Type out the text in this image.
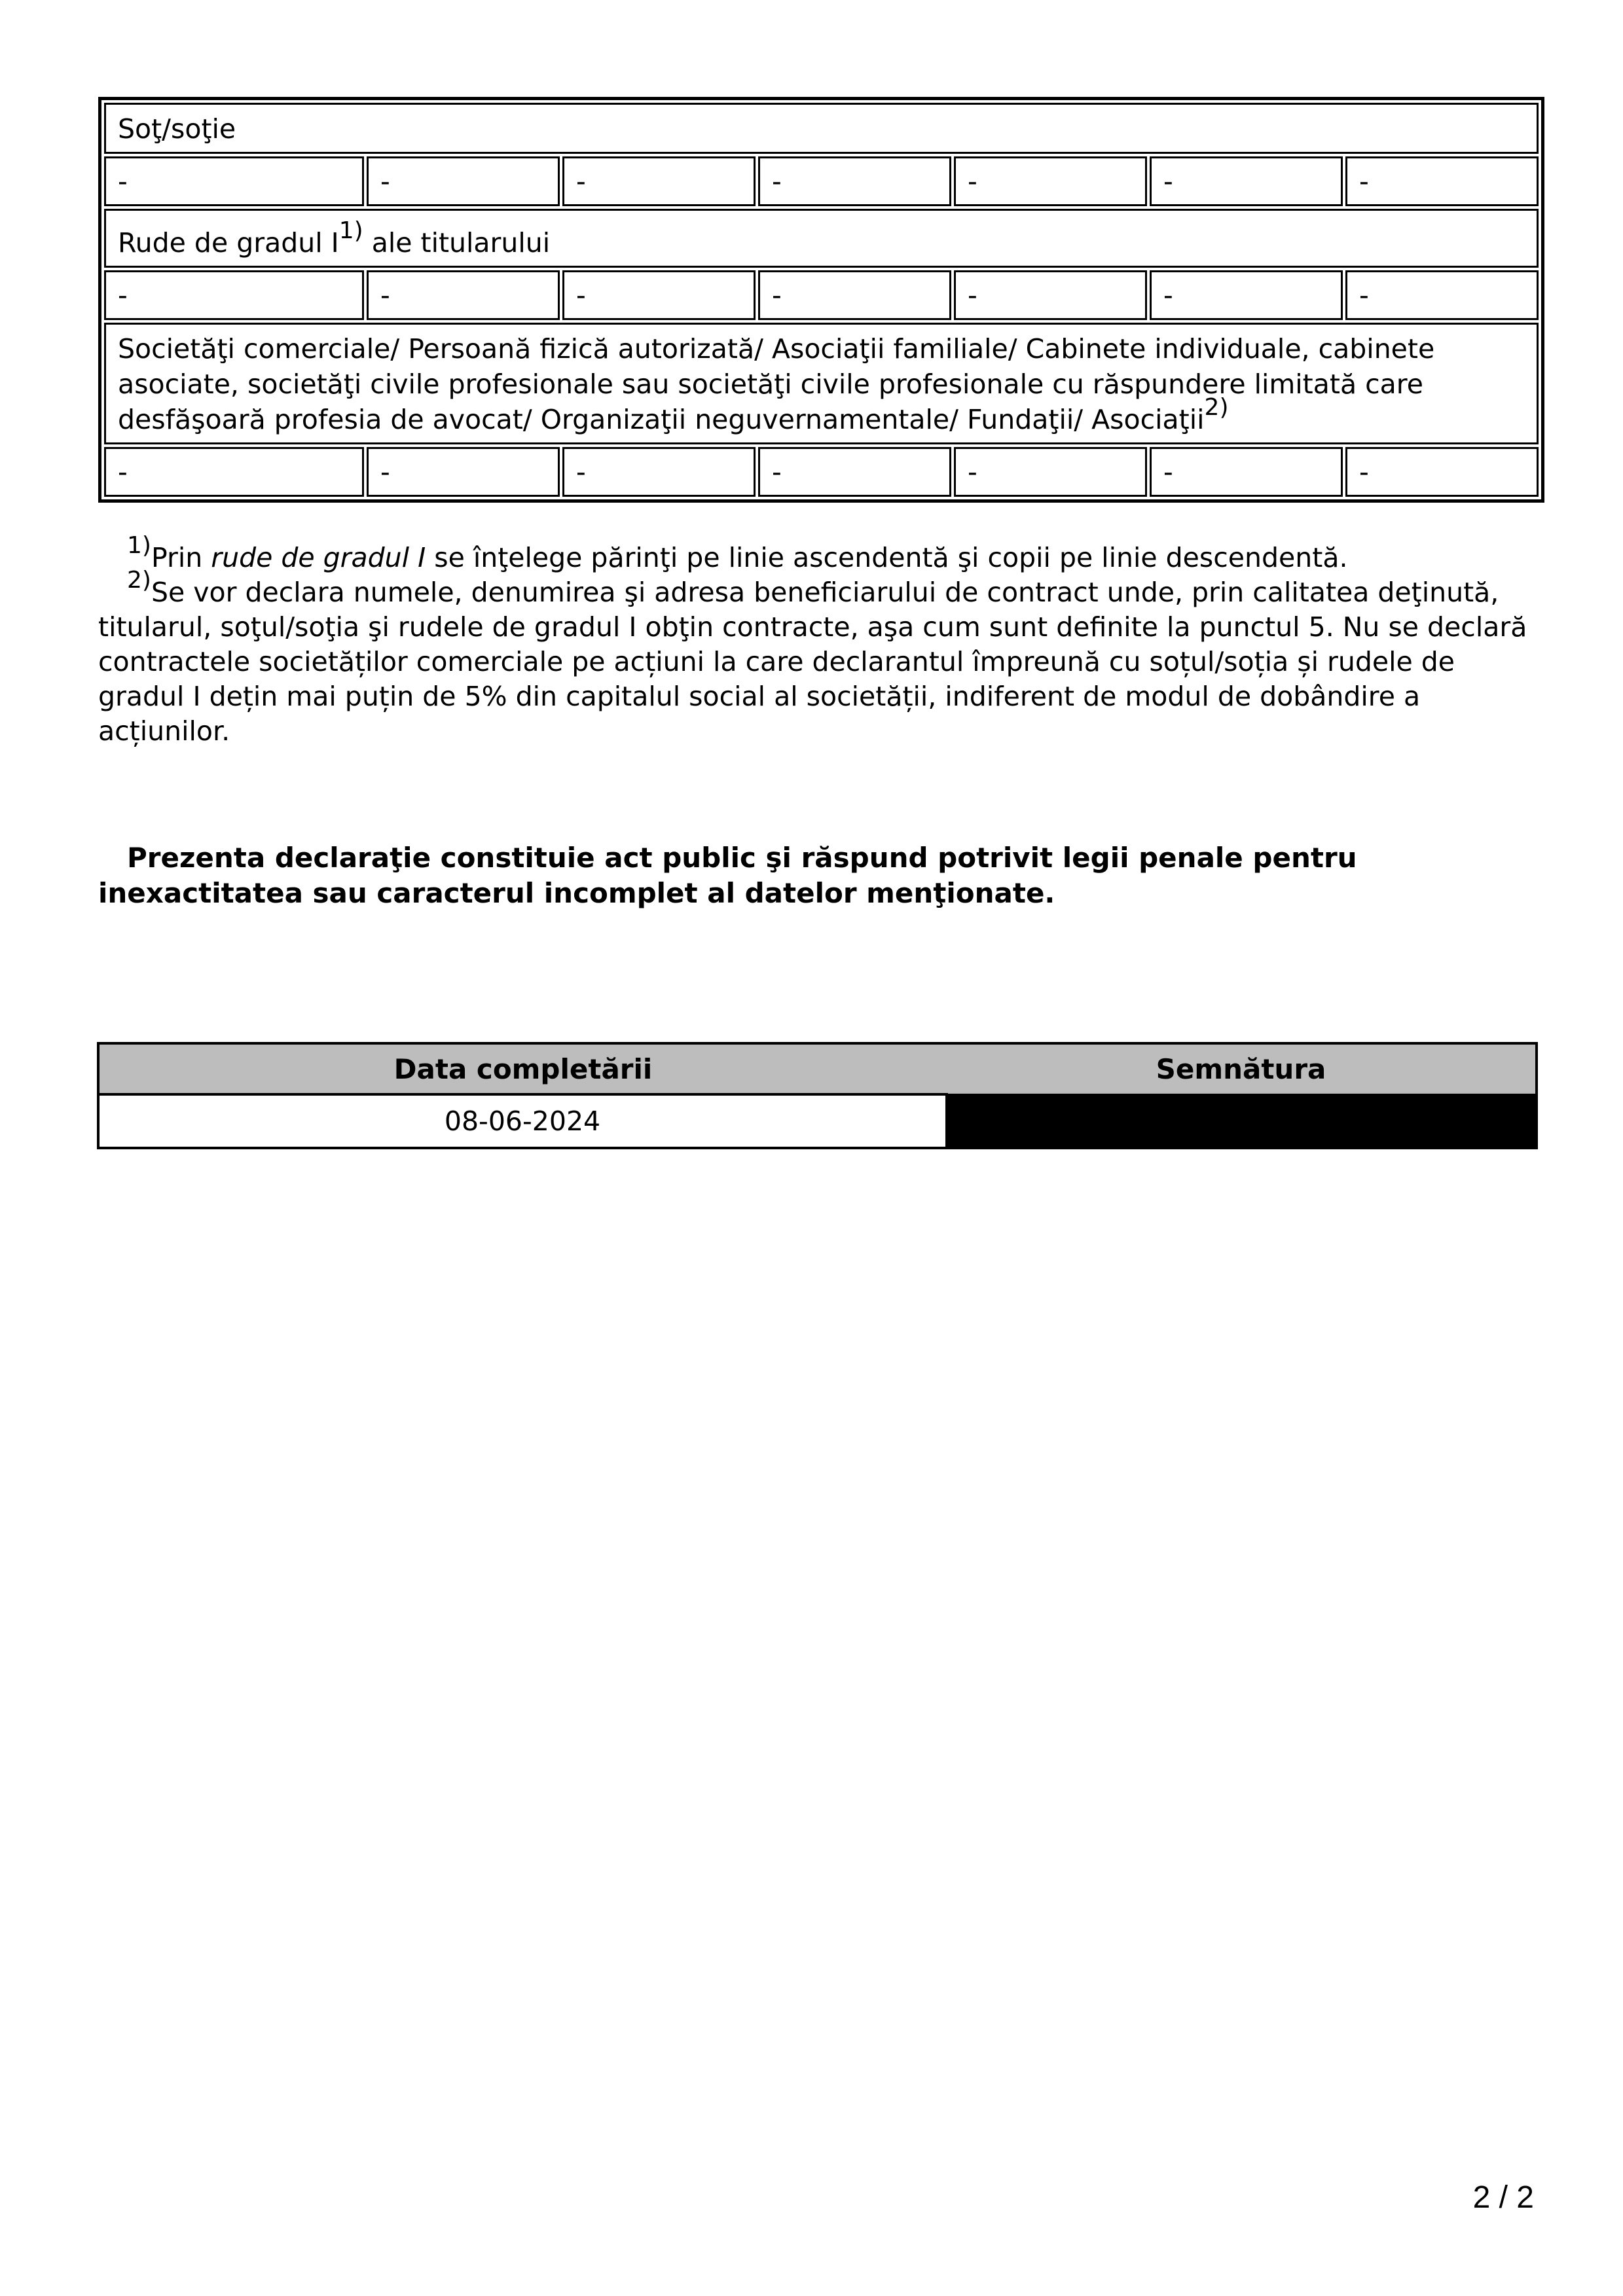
Soţ/soţie						
-	-	-	-	-	-	-
Rude de gradul $I^{1)}$ ale titularului						
-	-	-	-	-	-	-
Societăţi comerciale/ Persoană fizică autorizată/ Asociaţii familiale/ Cabinete individuale, cabinete asociate, societăţi civile profesionale sau societăţi civile profesionale cu răspundere limitată care desfăşoară profesia de avocat/ Organizaţii neguvernamentale/ Fundaţii/ Asociaţii$^{2)}$
-	-	-	-	-	-	-

$^{1)}$Prin rude de gradul I se înţelege părinţi pe linie ascendentă şi copii pe linie descendentă.

$^{2)}$Se vor declara numele, denumirea şi adresa beneficiarului de contract unde, prin calitatea deţinută, titularul, soţul/soţia şi rudele de gradul I obţin contracte, aşa cum sunt definite la punctul 5. Nu se declară contractele societăților comerciale pe acțiuni la care declarantul împreună cu soțul/soția și rudele de gradul I dețin mai puțin de 5% din capitalul social al societății, indiferent de modul de dobândire a acțiunilor.

Prezenta declaraţie constituie act public şi răspund potrivit legii penale pentru inexactitatea sau caracterul incomplet al datelor menţionate.

Data completării	Semnătura
08-06-2024	
2 / 2
